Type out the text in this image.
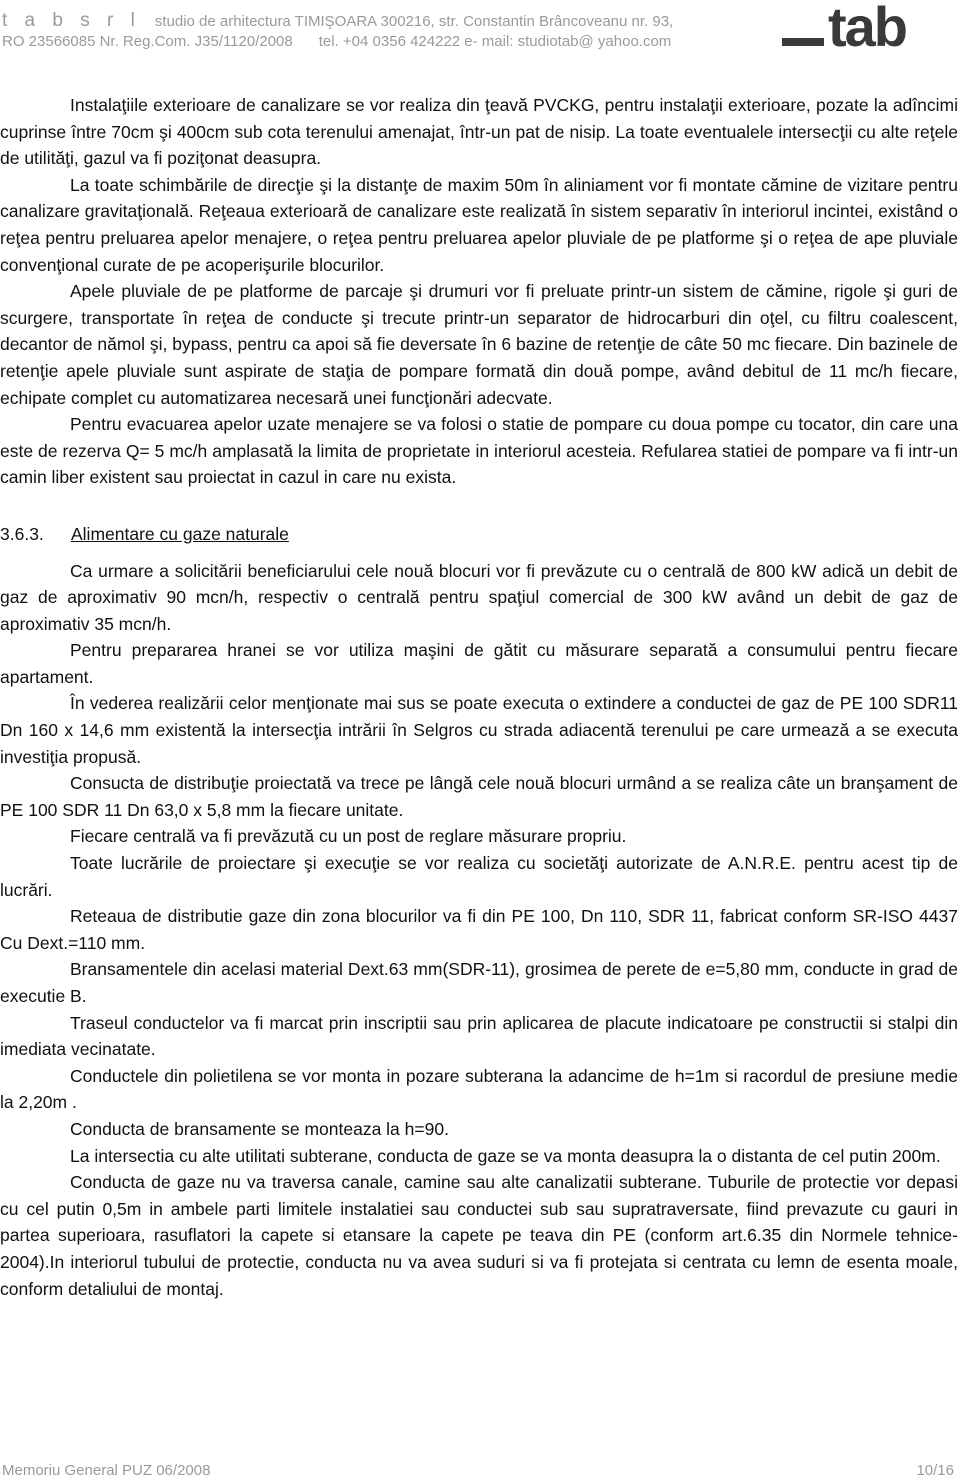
t a b s r l studio de arhitectura TIMIŞOARA 300216, str. Constantin Brâncoveanu nr. 93,
RO 23566085 Nr. Reg.Com. J35/1120/2008 tel. +04 0356 424222 e- mail: studiotab@ yahoo.com	tab

Instalaţiile exterioare de canalizare se vor realiza din ţeavă PVCKG, pentru instalaţii exterioare, pozate la adîncimi cuprinse între 70cm şi 400cm sub cota terenului amenajat, într-un pat de nisip. La toate eventualele intersecţii cu alte reţele de utilităţi, gazul va fi poziţonat deasupra.

La toate schimbările de direcţie şi la distanţe de maxim 50m în aliniament vor fi montate cămine de vizitare pentru canalizare gravitaţională. Reţeaua exterioară de canalizare este realizată în sistem separativ în interiorul incintei, existând o reţea pentru preluarea apelor menajere, o reţea pentru preluarea apelor pluviale de pe platforme şi o reţea de ape pluviale convenţional curate de pe acoperişurile blocurilor.

Apele pluviale de pe platforme de parcaje şi drumuri vor fi preluate printr-un sistem de cămine, rigole şi guri de scurgere, transportate în reţea de conducte şi trecute printr-un separator de hidrocarburi din oţel, cu filtru coalescent, decantor de nămol şi, bypass, pentru ca apoi să fie deversate în 6 bazine de retenţie de câte 50 mc fiecare. Din bazinele de retenţie apele pluviale sunt aspirate de staţia de pompare formată din două pompe, având debitul de 11 mc/h fiecare, echipate complet cu automatizarea necesară unei funcţionări adecvate.

Pentru evacuarea apelor uzate menajere se va folosi o statie de pompare cu doua pompe cu tocator, din care una este de rezerva Q= 5 mc/h amplasată la limita de proprietate in interiorul acesteia. Refularea statiei de pompare va fi intr-un camin liber existent sau proiectat in cazul in care nu exista.

3.6.3.	Alimentare cu gaze naturale

Ca urmare a solicitării beneficiarului cele nouă blocuri vor fi prevăzute cu o centrală de 800 kW adică un debit de gaz de aproximativ 90 mcn/h, respectiv o centrală pentru spaţiul comercial de 300 kW având un debit de gaz de aproximativ 35 mcn/h.

Pentru prepararea hranei se vor utiliza maşini de gătit cu măsurare separată a consumului pentru fiecare apartament.

În vederea realizării celor menţionate mai sus se poate executa o extindere a conductei de gaz de PE 100 SDR11 Dn 160 x 14,6 mm existentă la intersecţia intrării în Selgros cu strada adiacentă terenului pe care urmează a se executa investiţia propusă.

Consucta de distribuţie proiectată va trece pe lângă cele nouă blocuri urmând a se realiza câte un branşament de PE 100 SDR 11 Dn 63,0 x 5,8 mm la fiecare unitate.

Fiecare centrală va fi prevăzută cu un post de reglare măsurare propriu.

Toate lucrările de proiectare şi execuţie se vor realiza cu societăţi autorizate de A.N.R.E. pentru acest tip de lucrări.

Reteaua de distributie gaze din zona blocurilor va fi din PE 100, Dn 110, SDR 11, fabricat conform SR-ISO 4437 Cu Dext.=110 mm.

Bransamentele din acelasi material Dext.63 mm(SDR-11), grosimea de perete de e=5,80 mm, conducte in grad de executie B.

Traseul conductelor va fi marcat prin inscriptii sau prin aplicarea de placute indicatoare pe constructii si stalpi din imediata vecinatate.

Conductele din polietilena se vor monta in pozare subterana la adancime de h=1m si racordul de presiune medie la 2,20m .

Conducta de bransamente se monteaza la h=90.

La intersectia cu alte utilitati subterane, conducta de gaze se va monta deasupra la o distanta de cel putin 200m.

Conducta de gaze nu va traversa canale, camine sau alte canalizatii subterane. Tuburile de protectie vor depasi cu cel putin 0,5m in ambele parti limitele instalatiei sau conductei sub sau supratraversate, fiind prevazute cu gauri in partea superioara, rasuflatori la capete si etansare la capete pe teava din PE (conform art.6.35 din Normele tehnice-2004).In interiorul tubului de protectie, conducta nu va avea suduri si va fi protejata si centrata cu lemn de esenta moale, conform detaliului de montaj.

Memoriu General PUZ 06/2008	10/16
